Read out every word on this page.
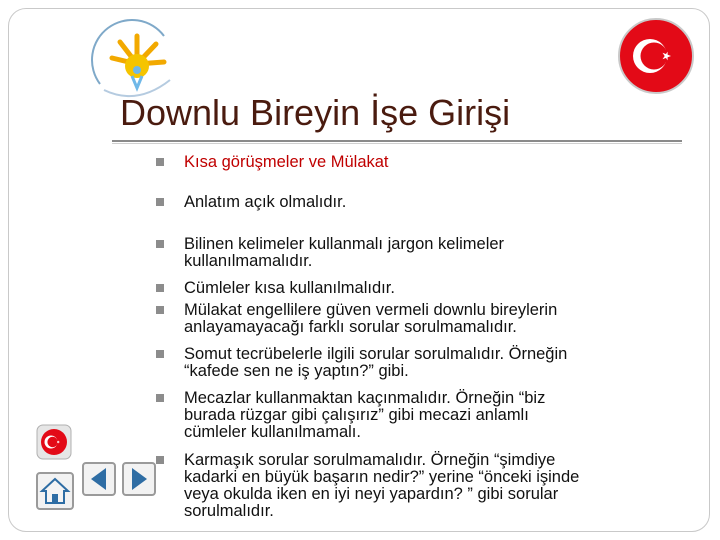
Downlu Bireyin İşe Girişi
Kısa görüşmeler ve Mülakat
Anlatım açık olmalıdır.
Bilinen kelimeler kullanmalı jargon kelimeler
kullanılmamalıdır.
Cümleler kısa kullanılmalıdır.
Mülakat engellilere güven vermeli downlu bireylerin
anlayamayacağı farklı sorular sorulmamalıdır.
Somut tecrübelerle ilgili sorular sorulmalıdır. Örneğin
“kafede sen ne iş yaptın?” gibi.
Mecazlar kullanmaktan kaçınmalıdır. Örneğin “biz
burada rüzgar gibi çalışırız” gibi mecazi anlamlı
cümleler kullanılmamalı.
Karmaşık sorular sorulmamalıdır. Örneğin “şimdiye
kadarki en büyük başarın nedir?” yerine “önceki işinde
veya okulda iken en iyi neyi yapardın? ” gibi sorular
sorulmalıdır.
